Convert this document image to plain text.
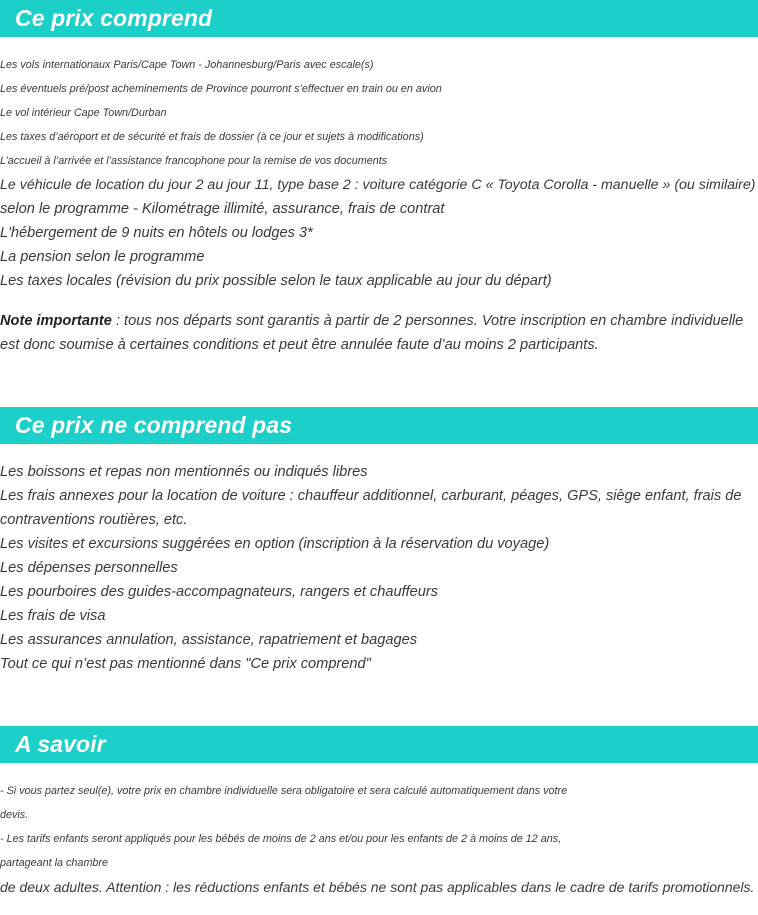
Ce prix comprend
Les vols internationaux Paris/Cape Town - Johannesburg/Paris avec escale(s)
Les éventuels pré/post acheminements de Province pourront s’effectuer en train ou en avion
Le vol intérieur Cape Town/Durban
Les taxes d’aéroport et de sécurité et frais de dossier (à ce jour et sujets à modifications)
L’accueil à l’arrivée et l’assistance francophone pour la remise de vos documents
Le véhicule de location du jour 2 au jour 11, type base 2 : voiture catégorie C « Toyota Corolla - manuelle » (ou similaire)
selon le programme - Kilométrage illimité, assurance, frais de contrat
L'hébergement de 9 nuits en hôtels ou lodges 3*
La pension selon le programme
Les taxes locales (révision du prix possible selon le taux applicable au jour du départ)

Note importante : tous nos départs sont garantis à partir de 2 personnes. Votre inscription en chambre individuelle est donc soumise à certaines conditions et peut être annulée faute d’au moins 2 participants.

Ce prix ne comprend pas
Les boissons et repas non mentionnés ou indiqués libres
Les frais annexes pour la location de voiture : chauffeur additionnel, carburant, péages, GPS, siège enfant, frais de
contraventions routières, etc.
Les visites et excursions suggérées en option (inscription à la réservation du voyage)
Les dépenses personnelles
Les pourboires des guides-accompagnateurs, rangers et chauffeurs
Les frais de visa
Les assurances annulation, assistance, rapatriement et bagages
Tout ce qui n’est pas mentionné dans "Ce prix comprend"
A savoir
- Si vous partez seul(e), votre prix en chambre individuelle sera obligatoire et sera calculé automatiquement dans votre
devis.
- Les tarifs enfants seront appliqués pour les bébés de moins de 2 ans et/ou pour les enfants de 2 à moins de 12 ans,
partageant la chambre
de deux adultes. Attention : les réductions enfants et bébés ne sont pas applicables dans le cadre de tarifs promotionnels.
